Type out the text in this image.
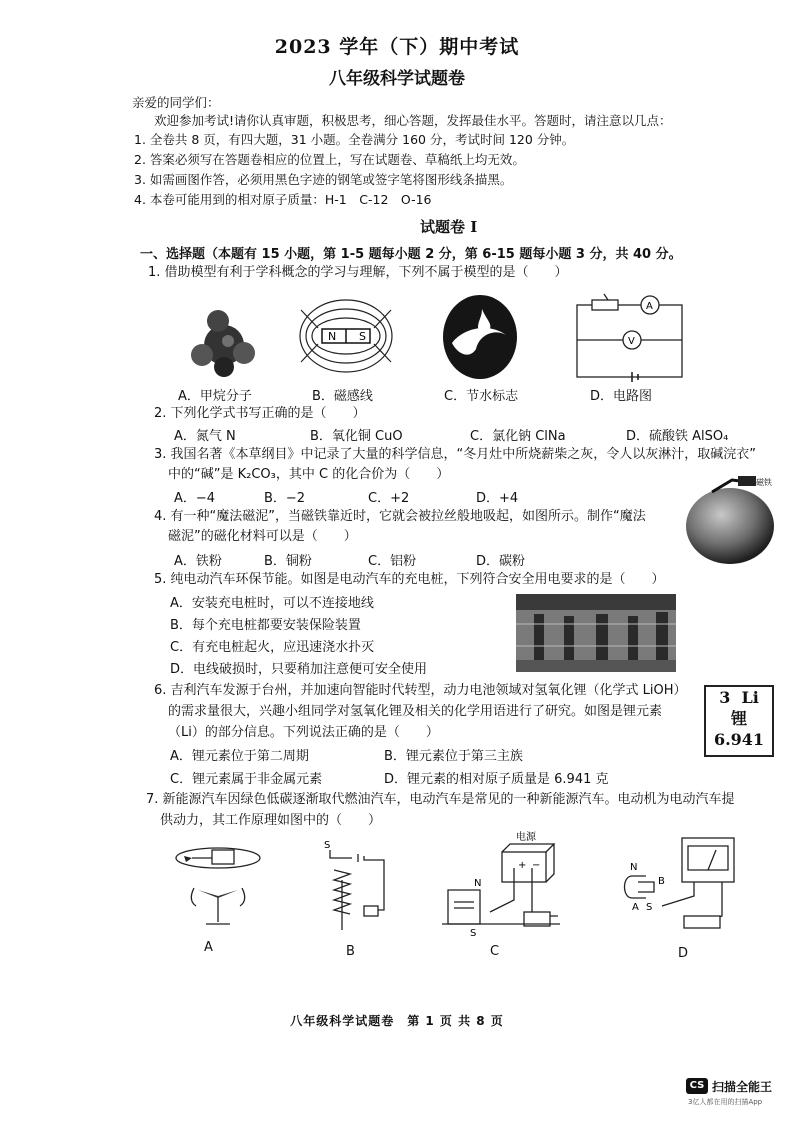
2023 学年（下）期中考试
八年级科学试题卷
亲爱的同学们：
欢迎参加考试!请你认真审题，积极思考，细心答题，发挥最佳水平。答题时，请注意以几点：
1. 全卷共 8 页，有四大题，31 小题。全卷满分 160 分，考试时间 120 分钟。
2. 答案必须写在答题卷相应的位置上，写在试题卷、草稿纸上均无效。
3. 如需画图作答，必须用黑色字迹的钢笔或签字笔将图形线条描黑。
4. 本卷可能用到的相对原子质量：H-1　C-12　O-16
试题卷 I
一、选择题（本题有 15 小题，第 1-5 题每小题 2 分，第 6-15 题每小题 3 分，共 40 分。
1. 借助模型有利于学科概念的学习与理解，下列不属于模型的是（　　）
N S
A
V
A．甲烷分子	B．磁感线	C．节水标志	D．电路图
2. 下列化学式书写正确的是（　　）
A．氮气 N	B．氧化铜 CuO	C．氯化钠 ClNa	D．硫酸铁 AlSO₄
3. 我国名著《本草纲目》中记录了大量的科学信息，“冬月灶中所烧薪柴之灰，令人以灰淋汁，取碱浣衣”
中的“碱”是 K₂CO₃，其中 C 的化合价为（　　）
A．−4	B．−2	C．+2	D．+4
磁铁
4. 有一种“魔法磁泥”，当磁铁靠近时，它就会被拉丝般地吸起，如图所示。制作“魔法
磁泥”的磁化材料可以是（　　）
A．铁粉	B．铜粉	C．铝粉	D．碳粉
5. 纯电动汽车环保节能。如图是电动汽车的充电桩，下列符合安全用电要求的是（　　）
A．安装充电桩时，可以不连接地线
B．每个充电桩都要安装保险装置
C．有充电桩起火，应迅速浇水扑灭
D．电线破损时，只要稍加注意便可安全使用
6. 吉利汽车发源于台州，并加速向智能时代转型，动力电池领域对氢氧化锂（化学式 LiOH）
的需求量很大，兴趣小组同学对氢氧化锂及相关的化学用语进行了研究。如图是锂元素
（Li）的部分信息。下列说法正确的是（　　）
A．锂元素位于第二周期	B．锂元素位于第三主族
C．锂元素属于非金属元素	D．锂元素的相对原子质量是 6.941 克
3 Li
锂
6.941
7. 新能源汽车因绿色低碳逐渐取代燃油汽车，电动汽车是常见的一种新能源汽车。电动机为电动汽车提
供动力，其工作原理如图中的（　　）
A
S
B
+ −
电源
N
S
C
N
B
A S
D
八年级科学试题卷　第 1 页 共 8 页
CS 扫描全能王
3亿人都在用的扫描App
